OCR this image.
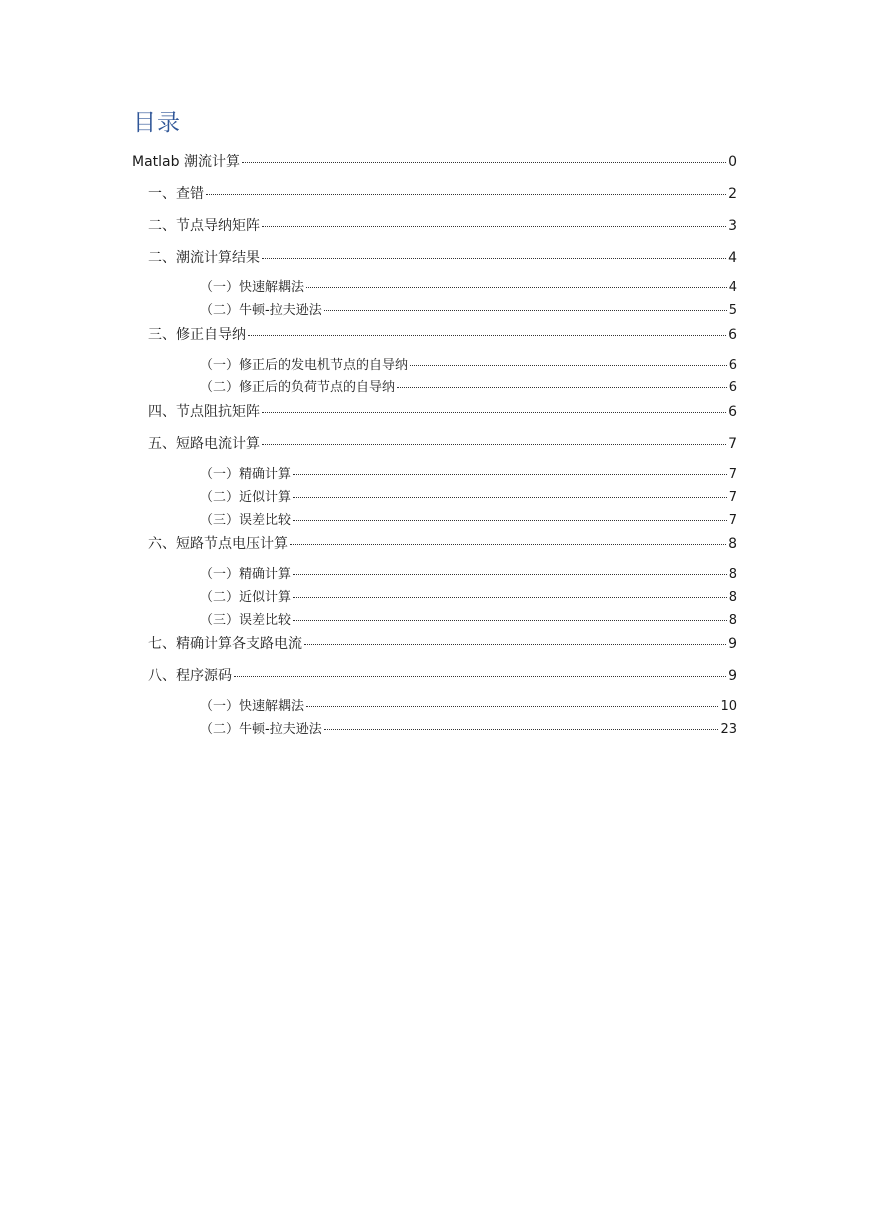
目录
Matlab 潮流计算	0
一、查错	2
二、节点导纳矩阵	3
二、潮流计算结果	4
（一）快速解耦法	4
（二）牛顿-拉夫逊法	5
三、修正自导纳	6
（一）修正后的发电机节点的自导纳	6
（二）修正后的负荷节点的自导纳	6
四、节点阻抗矩阵	6
五、短路电流计算	7
（一）精确计算	7
（二）近似计算	7
（三）误差比较	7
六、短路节点电压计算	8
（一）精确计算	8
（二）近似计算	8
（三）误差比较	8
七、精确计算各支路电流	9
八、程序源码	9
（一）快速解耦法	10
（二）牛顿-拉夫逊法	23
